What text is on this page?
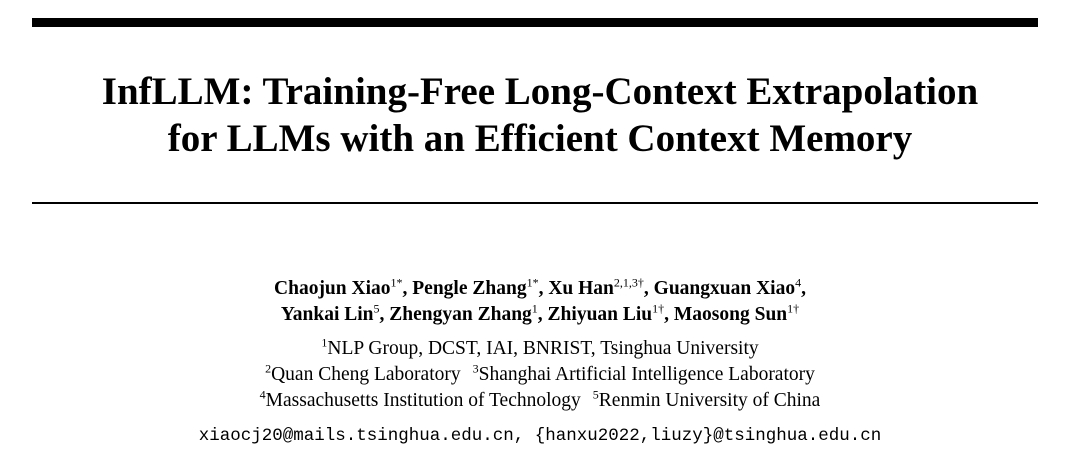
InfLLM: Training-Free Long-Context Extrapolation
for LLMs with an Efficient Context Memory
Chaojun Xiao$^{1*}$, Pengle Zhang$^{1*}$, Xu Han$^{2,1,3\dagger}$, Guangxuan Xiao$^4$,
Yankai Lin$^5$, Zhengyan Zhang$^1$, Zhiyuan Liu$^{1\dagger}$, Maosong Sun$^{1\dagger}$
$^1$NLP Group, DCST, IAI, BNRIST, Tsinghua University
$^2$Quan Cheng Laboratory $^3$Shanghai Artificial Intelligence Laboratory
$^4$Massachusetts Institution of Technology $^5$Renmin University of China
xiaocj20@mails.tsinghua.edu.cn, {hanxu2022,liuzy}@tsinghua.edu.cn
